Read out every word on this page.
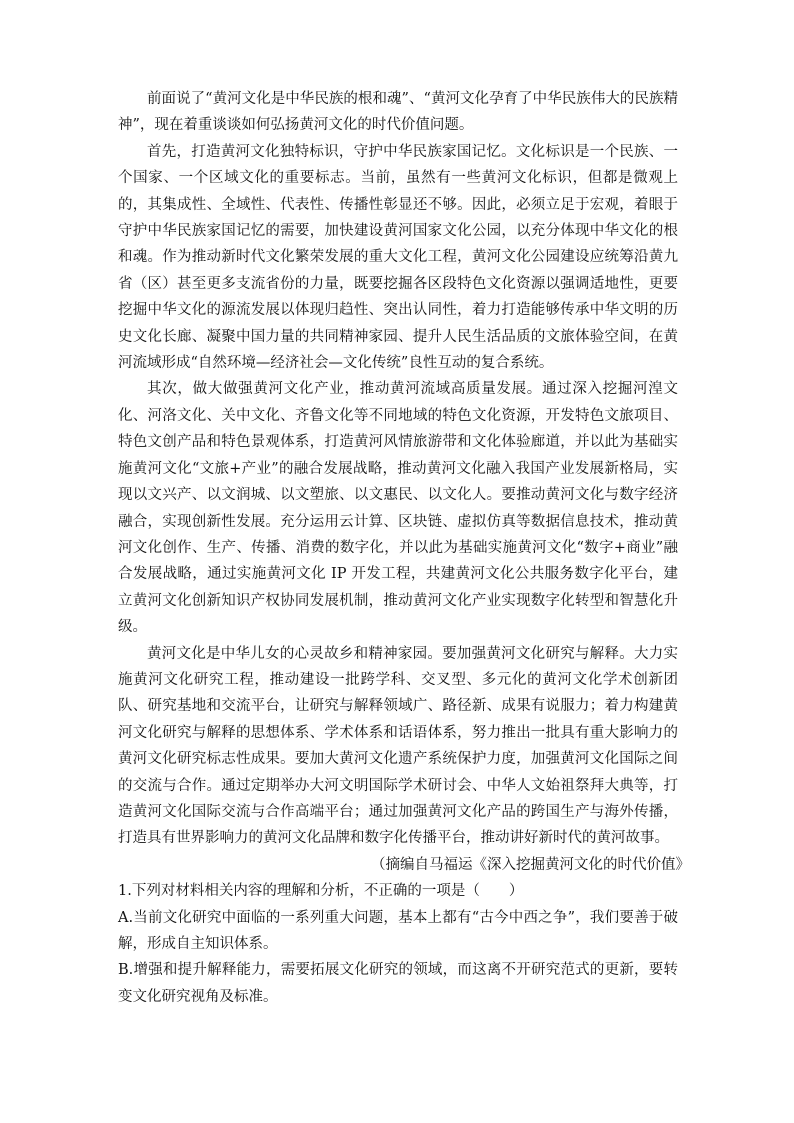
前面说了“黄河文化是中华民族的根和魂”、“黄河文化孕育了中华民族伟大的民族精神”，现在着重谈谈如何弘扬黄河文化的时代价值问题。

首先，打造黄河文化独特标识，守护中华民族家国记忆。文化标识是一个民族、一个国家、一个区域文化的重要标志。当前，虽然有一些黄河文化标识，但都是微观上的，其集成性、全域性、代表性、传播性彰显还不够。因此，必须立足于宏观，着眼于守护中华民族家国记忆的需要，加快建设黄河国家文化公园，以充分体现中华文化的根和魂。作为推动新时代文化繁荣发展的重大文化工程，黄河文化公园建设应统筹沿黄九省（区）甚至更多支流省份的力量，既要挖掘各区段特色文化资源以强调适地性，更要挖掘中华文化的源流发展以体现归趋性、突出认同性，着力打造能够传承中华文明的历史文化长廊、凝聚中国力量的共同精神家园、提升人民生活品质的文旅体验空间，在黄河流域形成“自然环境—经济社会—文化传统”良性互动的复合系统。

其次，做大做强黄河文化产业，推动黄河流域高质量发展。通过深入挖掘河湟文化、河洛文化、关中文化、齐鲁文化等不同地域的特色文化资源，开发特色文旅项目、特色文创产品和特色景观体系，打造黄河风情旅游带和文化体验廊道，并以此为基础实施黄河文化“文旅+产业”的融合发展战略，推动黄河文化融入我国产业发展新格局，实现以文兴产、以文润城、以文塑旅、以文惠民、以文化人。要推动黄河文化与数字经济融合，实现创新性发展。充分运用云计算、区块链、虚拟仿真等数据信息技术，推动黄河文化创作、生产、传播、消费的数字化，并以此为基础实施黄河文化“数字+商业”融合发展战略，通过实施黄河文化 IP 开发工程，共建黄河文化公共服务数字化平台，建立黄河文化创新知识产权协同发展机制，推动黄河文化产业实现数字化转型和智慧化升级。

黄河文化是中华儿女的心灵故乡和精神家园。要加强黄河文化研究与解释。大力实施黄河文化研究工程，推动建设一批跨学科、交叉型、多元化的黄河文化学术创新团队、研究基地和交流平台，让研究与解释领域广、路径新、成果有说服力；着力构建黄河文化研究与解释的思想体系、学术体系和话语体系，努力推出一批具有重大影响力的黄河文化研究标志性成果。要加大黄河文化遗产系统保护力度，加强黄河文化国际之间的交流与合作。通过定期举办大河文明国际学术研讨会、中华人文始祖祭拜大典等，打造黄河文化国际交流与合作高端平台；通过加强黄河文化产品的跨国生产与海外传播，打造具有世界影响力的黄河文化品牌和数字化传播平台，推动讲好新时代的黄河故事。

（摘编自马福运《深入挖掘黄河文化的时代价值》

1.下列对材料相关内容的理解和分析，不正确的一项是（　　）

A.当前文化研究中面临的一系列重大问题，基本上都有“古今中西之争”，我们要善于破解，形成自主知识体系。

B.增强和提升解释能力，需要拓展文化研究的领域，而这离不开研究范式的更新，要转变文化研究视角及标准。
